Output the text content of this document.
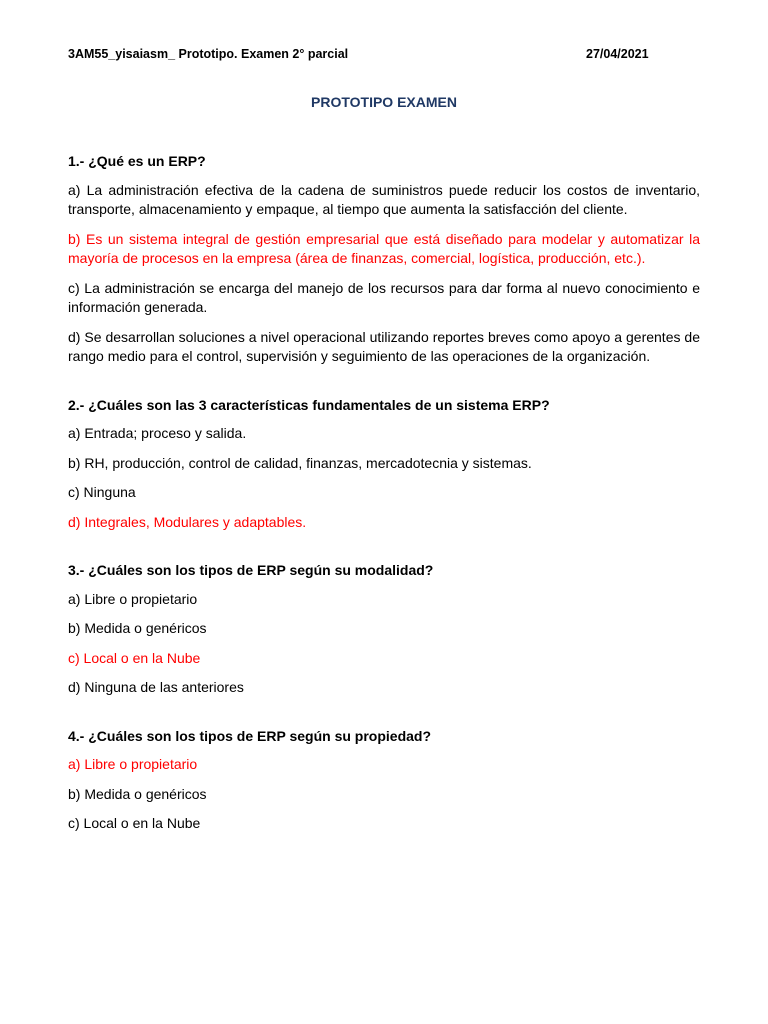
3AM55_yisaiasm_ Prototipo. Examen 2° parcial	27/04/2021
PROTOTIPO EXAMEN
1.- ¿Qué es un ERP?
a) La administración efectiva de la cadena de suministros puede reducir los costos de inventario, transporte, almacenamiento y empaque, al tiempo que aumenta la satisfacción del cliente.
b) Es un sistema integral de gestión empresarial que está diseñado para modelar y automatizar la mayoría de procesos en la empresa (área de finanzas, comercial, logística, producción, etc.).
c) La administración se encarga del manejo de los recursos para dar forma al nuevo conocimiento e información generada.
d) Se desarrollan soluciones a nivel operacional utilizando reportes breves como apoyo a gerentes de rango medio para el control, supervisión y seguimiento de las operaciones de la organización.
2.- ¿Cuáles son las 3 características fundamentales de un sistema ERP?
a) Entrada; proceso y salida.
b) RH, producción, control de calidad, finanzas, mercadotecnia y sistemas.
c) Ninguna
d) Integrales, Modulares y adaptables.
3.- ¿Cuáles son los tipos de ERP según su modalidad?
a) Libre o propietario
b) Medida o genéricos
c) Local o en la Nube
d) Ninguna de las anteriores
4.- ¿Cuáles son los tipos de ERP según su propiedad?
a) Libre o propietario
b) Medida o genéricos
c) Local o en la Nube
